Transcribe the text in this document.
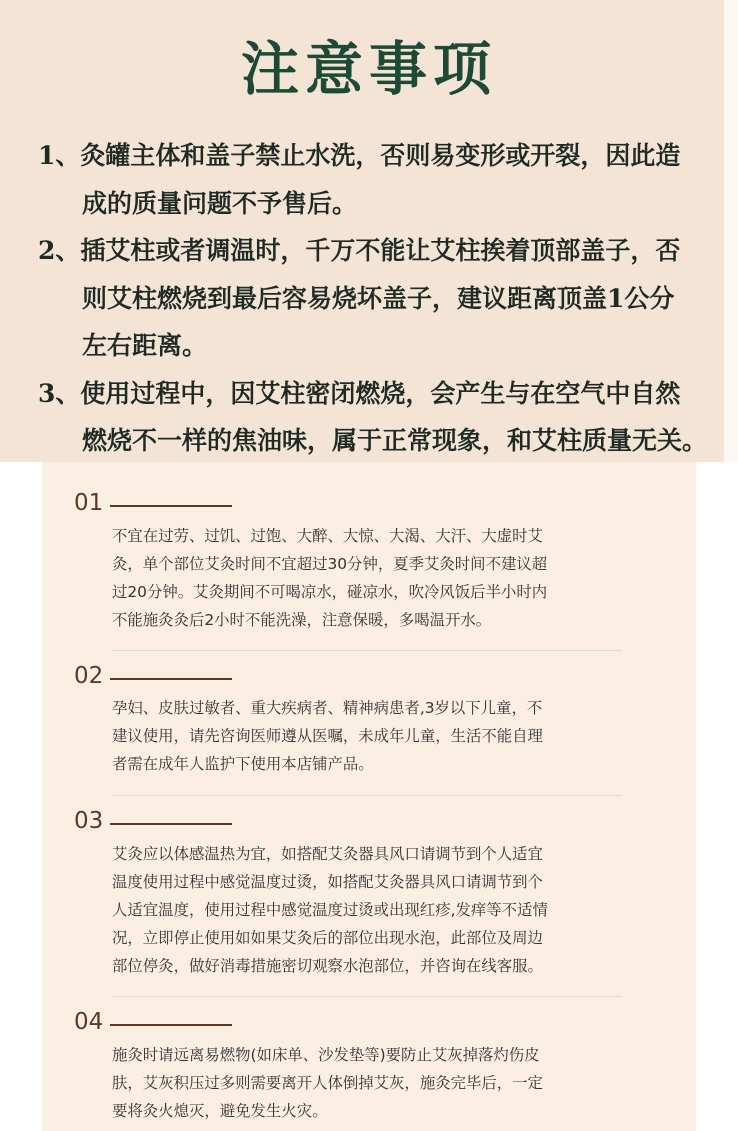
注意事项
1、灸罐主体和盖子禁止水洗，否则易变形或开裂，因此造
成的质量问题不予售后。
2、插艾柱或者调温时，千万不能让艾柱挨着顶部盖子，否
则艾柱燃烧到最后容易烧坏盖子，建议距离顶盖1公分
左右距离。
3、使用过程中，因艾柱密闭燃烧，会产生与在空气中自然
燃烧不一样的焦油味，属于正常现象，和艾柱质量无关。
01
不宜在过劳、过饥、过饱、大醉、大惊、大渴、大汗、大虚时艾
灸，单个部位艾灸时间不宜超过30分钟，夏季艾灸时间不建议超
过20分钟。艾灸期间不可喝凉水，碰凉水，吹冷风饭后半小时内
不能施灸灸后2小时不能洗澡，注意保暖，多喝温开水。
02
孕妇、皮肤过敏者、重大疾病者、精神病患者,3岁以下儿童，不
建议使用，请先咨询医师遵从医嘱，未成年儿童，生活不能自理
者需在成年人监护下使用本店铺产品。
03
艾灸应以体感温热为宜，如搭配艾灸器具风口请调节到个人适宜
温度使用过程中感觉温度过烫，如搭配艾灸器具风口请调节到个
人适宜温度，使用过程中感觉温度过烫或出现红疹,发痒等不适情
况，立即停止使用如如果艾灸后的部位出现水泡，此部位及周边
部位停灸，做好消毒措施密切观察水泡部位，并咨询在线客服。
04
施灸时请远离易燃物(如床单、沙发垫等)要防止艾灰掉落灼伤皮
肤，艾灰积压过多则需要离开人体倒掉艾灰，施灸完毕后，一定
要将灸火熄灭，避免发生火灾。
